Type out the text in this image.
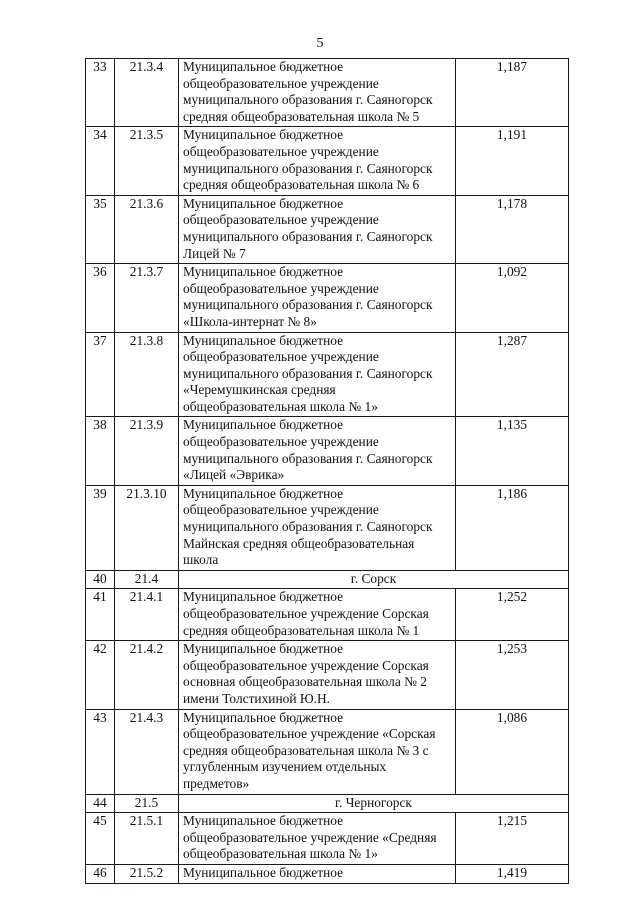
5
33	21.3.4	Муниципальное бюджетное
общеобразовательное учреждение
муниципального образования г. Саяногорск
средняя общеобразовательная школа № 5	1,187
34	21.3.5	Муниципальное бюджетное
общеобразовательное учреждение
муниципального образования г. Саяногорск
средняя общеобразовательная школа № 6	1,191
35	21.3.6	Муниципальное бюджетное
общеобразовательное учреждение
муниципального образования г. Саяногорск
Лицей № 7	1,178
36	21.3.7	Муниципальное бюджетное
общеобразовательное учреждение
муниципального образования г. Саяногорск
«Школа-интернат № 8»	1,092
37	21.3.8	Муниципальное бюджетное
общеобразовательное учреждение
муниципального образования г. Саяногорск
«Черемушкинская средняя
общеобразовательная школа № 1»	1,287
38	21.3.9	Муниципальное бюджетное
общеобразовательное учреждение
муниципального образования г. Саяногорск
«Лицей «Эврика»	1,135
39	21.3.10	Муниципальное бюджетное
общеобразовательное учреждение
муниципального образования г. Саяногорск
Майнская средняя общеобразовательная
школа	1,186
40	21.4	г. Сорск	
41	21.4.1	Муниципальное бюджетное
общеобразовательное учреждение Сорская
средняя общеобразовательная школа № 1	1,252
42	21.4.2	Муниципальное бюджетное
общеобразовательное учреждение Сорская
основная общеобразовательная школа № 2
имени Толстихиной Ю.Н.	1,253
43	21.4.3	Муниципальное бюджетное
общеобразовательное учреждение «Сорская
средняя общеобразовательная школа № 3 с
углубленным изучением отдельных
предметов»	1,086
44	21.5	г. Черногорск	
45	21.5.1	Муниципальное бюджетное
общеобразовательное учреждение «Средняя
общеобразовательная школа № 1»	1,215
46	21.5.2	Муниципальное бюджетное	1,419
· · · ·
